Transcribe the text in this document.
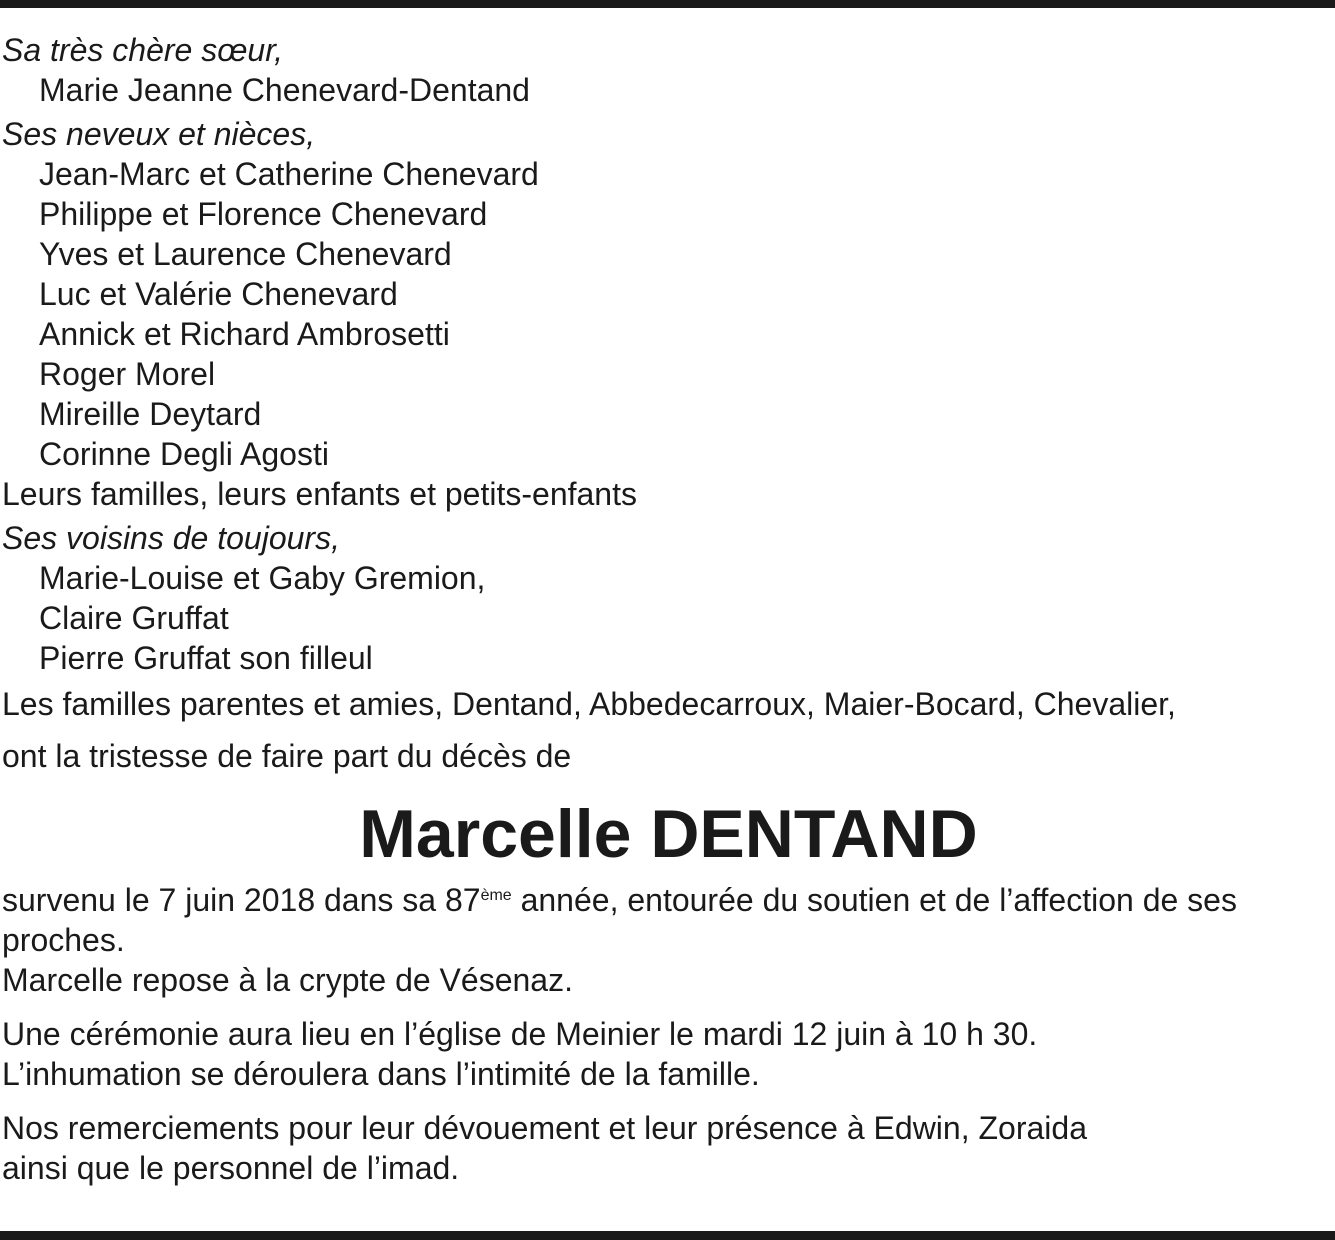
Sa très chère sœur,
Marie Jeanne Chenevard-Dentand
Ses neveux et nièces,
Jean-Marc et Catherine Chenevard
Philippe et Florence Chenevard
Yves et Laurence Chenevard
Luc et Valérie Chenevard
Annick et Richard Ambrosetti
Roger Morel
Mireille Deytard
Corinne Degli Agosti
Leurs familles, leurs enfants et petits-enfants
Ses voisins de toujours,
Marie-Louise et Gaby Gremion,
Claire Gruffat
Pierre Gruffat son filleul
Les familles parentes et amies, Dentand, Abbedecarroux, Maier-Bocard, Chevalier,
ont la tristesse de faire part du décès de
Marcelle DENTAND

survenu le 7 juin 2018 dans sa 87ème année, entourée du soutien et de l’affection de ses proches.

Marcelle repose à la crypte de Vésenaz.

Une cérémonie aura lieu en l’église de Meinier le mardi 12 juin à 10 h 30.

L’inhumation se déroulera dans l’intimité de la famille.

Nos remerciements pour leur dévouement et leur présence à Edwin, Zoraida

ainsi que le personnel de l’imad.
